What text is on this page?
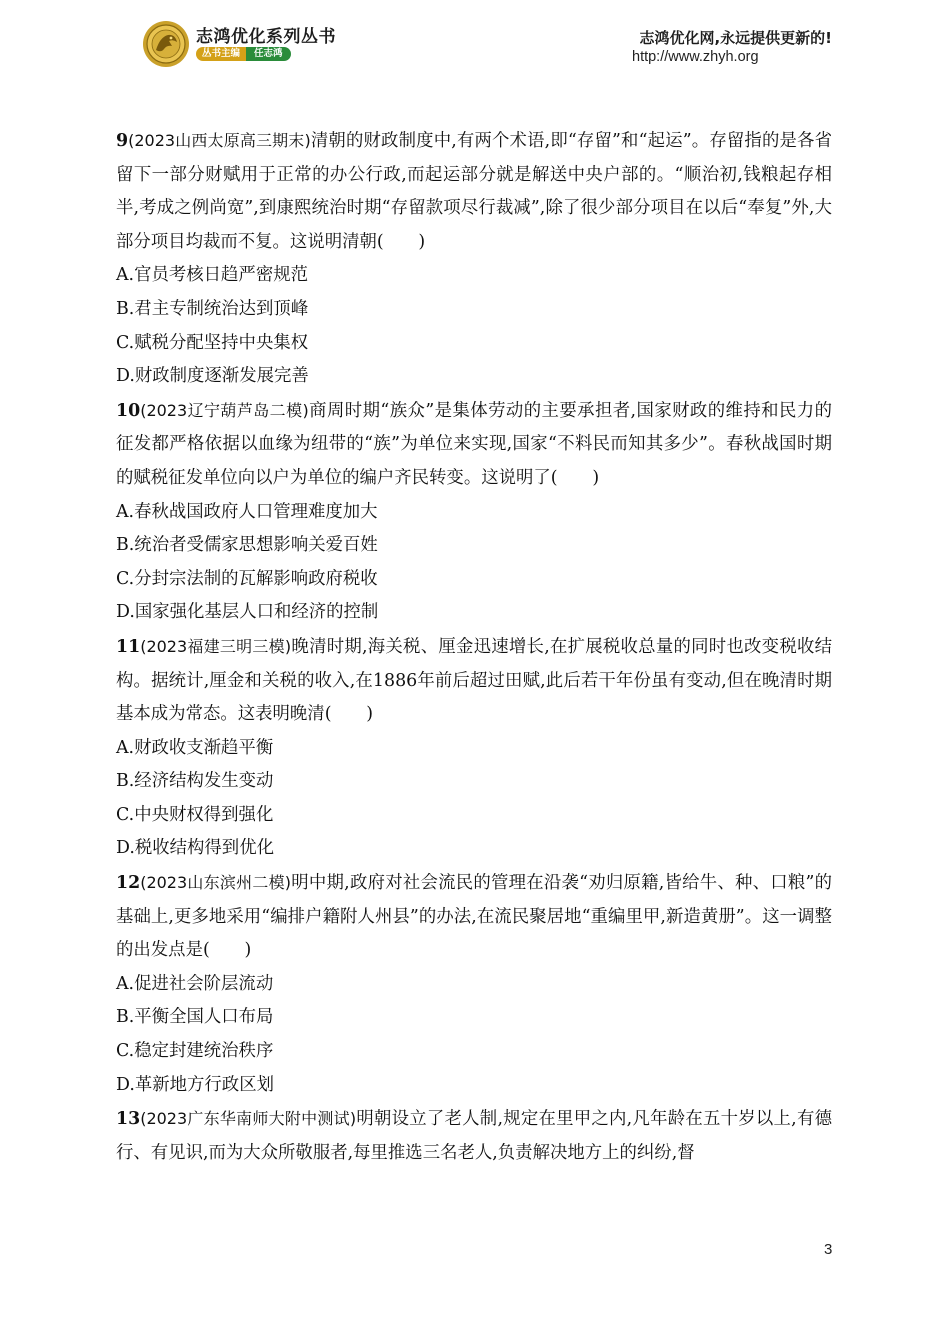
志鸿优化系列丛书
丛书主编	任志鸿
志鸿优化网,永远提供更新的!
http://www.zhyh.org

9(2023山西太原高三期末)清朝的财政制度中,有两个术语,即“存留”和“起运”。存留指的是各省留下一部分财赋用于正常的办公行政,而起运部分就是解送中央户部的。“顺治初,钱粮起存相半,考成之例尚宽”,到康熙统治时期“存留款项尽行裁减”,除了很少部分项目在以后“奉复”外,大部分项目均裁而不复。这说明清朝(　　)

A.官员考核日趋严密规范
B.君主专制统治达到顶峰
C.赋税分配坚持中央集权
D.财政制度逐渐发展完善

10(2023辽宁葫芦岛二模)商周时期“族众”是集体劳动的主要承担者,国家财政的维持和民力的征发都严格依据以血缘为纽带的“族”为单位来实现,国家“不料民而知其多少”。春秋战国时期的赋税征发单位向以户为单位的编户齐民转变。这说明了(　　)

A.春秋战国政府人口管理难度加大
B.统治者受儒家思想影响关爱百姓
C.分封宗法制的瓦解影响政府税收
D.国家强化基层人口和经济的控制

11(2023福建三明三模)晚清时期,海关税、厘金迅速增长,在扩展税收总量的同时也改变税收结构。据统计,厘金和关税的收入,在1886年前后超过田赋,此后若干年份虽有变动,但在晚清时期基本成为常态。这表明晚清(　　)

A.财政收支渐趋平衡
B.经济结构发生变动
C.中央财权得到强化
D.税收结构得到优化

12(2023山东滨州二模)明中期,政府对社会流民的管理在沿袭“劝归原籍,皆给牛、种、口粮”的基础上,更多地采用“编排户籍附人州县”的办法,在流民聚居地“重编里甲,新造黄册”。这一调整的出发点是(　　)

A.促进社会阶层流动
B.平衡全国人口布局
C.稳定封建统治秩序
D.革新地方行政区划

13(2023广东华南师大附中测试)明朝设立了老人制,规定在里甲之内,凡年龄在五十岁以上,有德行、有见识,而为大众所敬服者,每里推选三名老人,负责解决地方上的纠纷,督

3
